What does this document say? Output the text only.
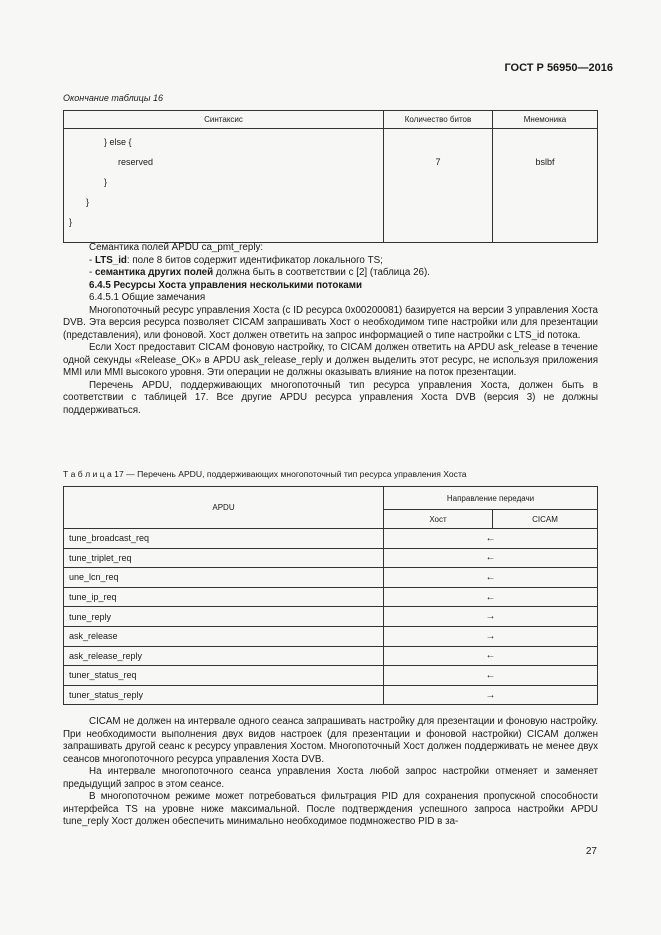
ГОСТ Р 56950—2016
Окончание таблицы 16
Синтаксис	Количество битов	Мнемоника

} else {
reserved
}
}
}	7	bslbf

Семантика полей APDU ca_pmt_reply:

- LTS_id: поле 8 битов содержит идентификатор локального TS;

- семантика других полей должна быть в соответствии с [2] (таблица 26).

6.4.5 Ресурсы Хоста управления несколькими потоками

6.4.5.1 Общие замечания

Многопоточный ресурс управления Хоста (с ID ресурса 0x00200081) базируется на версии 3 управления Хоста DVB. Эта версия ресурса позволяет CICAM запрашивать Хост о необходимом типе настройки или для презентации (представления), или фоновой. Хост должен ответить на запрос информацией о типе настройки с LTS_id потока.

Если Хост предоставит CICAM фоновую настройку, то CICAM должен ответить на APDU ask_release в течение одной секунды «Release_OK» в APDU ask_release_reply и должен выделить этот ресурс, не используя приложения MMI или MMI высокого уровня. Эти операции не должны оказывать влияние на поток презентации.

Перечень APDU, поддерживающих многопоточный тип ресурса управления Хоста, должен быть в соответствии с таблицей 17. Все другие APDU ресурса управления Хоста DVB (версия 3) не должны поддерживаться.

Т а б л и ц а 17 — Перечень APDU, поддерживающих многопоточный тип ресурса управления Хоста
APDU	Направление передачи	
	Хост	CICAM
tune_broadcast_req	←	
tune_triplet_req	←	
une_lcn_req	←	
tune_ip_req	←	
tune_reply	→	
ask_release	→	
ask_release_reply	←	
tuner_status_req	←	
tuner_status_reply	→	

CICAM не должен на интервале одного сеанса запрашивать настройку для презентации и фоновую настройку. При необходимости выполнения двух видов настроек (для презентации и фоновой настройки) CICAM должен запрашивать другой сеанс к ресурсу управления Хостом. Многопоточный Хост должен поддерживать не менее двух сеансов многопоточного ресурса управления Хоста DVB.

На интервале многопоточного сеанса управления Хоста любой запрос настройки отменяет и заменяет предыдущий запрос в этом сеансе.

В многопоточном режиме может потребоваться фильтрация PID для сохранения пропускной способности интерфейса TS на уровне ниже максимальной. После подтверждения успешного запроса настройки APDU tune_reply Хост должен обеспечить минимально необходимое подмножество PID в за-

27
